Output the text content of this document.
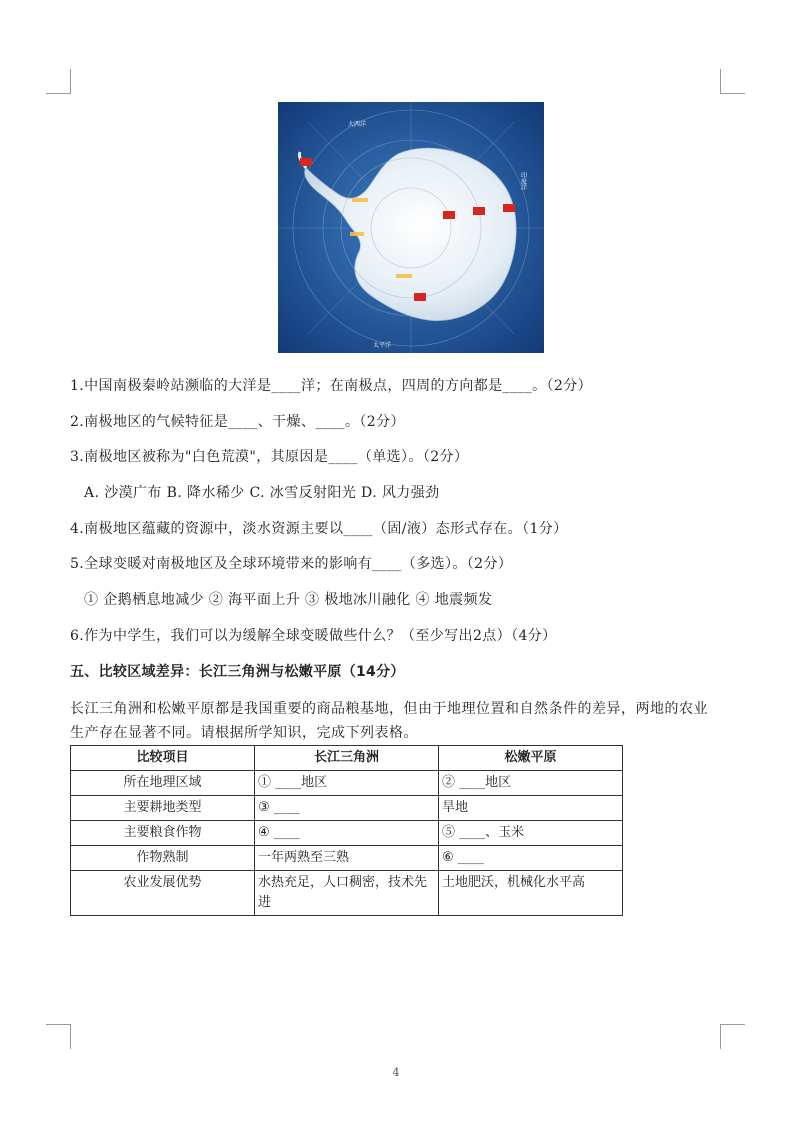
大西洋
印度洋
太平洋
1.中国南极秦岭站濒临的大洋是____洋；在南极点，四周的方向都是____。（2分）
2.南极地区的气候特征是____、干燥、____。（2分）
3.南极地区被称为"白色荒漠"，其原因是____（单选）。（2分）
A. 沙漠广布 B. 降水稀少 C. 冰雪反射阳光 D. 风力强劲
4.南极地区蕴藏的资源中，淡水资源主要以____（固/液）态形式存在。（1分）
5.全球变暖对南极地区及全球环境带来的影响有____（多选）。（2分）
① 企鹅栖息地减少 ② 海平面上升 ③ 极地冰川融化 ④ 地震频发
6.作为中学生，我们可以为缓解全球变暖做些什么？（至少写出2点）（4分）
五、比较区域差异：长江三角洲与松嫩平原（14分）
长江三角洲和松嫩平原都是我国重要的商品粮基地，但由于地理位置和自然条件的差异，两地的农业生产存在显著不同。请根据所学知识，完成下列表格。
比较项目	长江三角洲	松嫩平原
所在地理区域	① ____地区	② ____地区
主要耕地类型	③ ____	旱地
主要粮食作物	④ ____	⑤ ____、玉米
作物熟制	一年两熟至三熟	⑥ ____
农业发展优势	水热充足，人口稠密，技术先进	土地肥沃，机械化水平高
4
